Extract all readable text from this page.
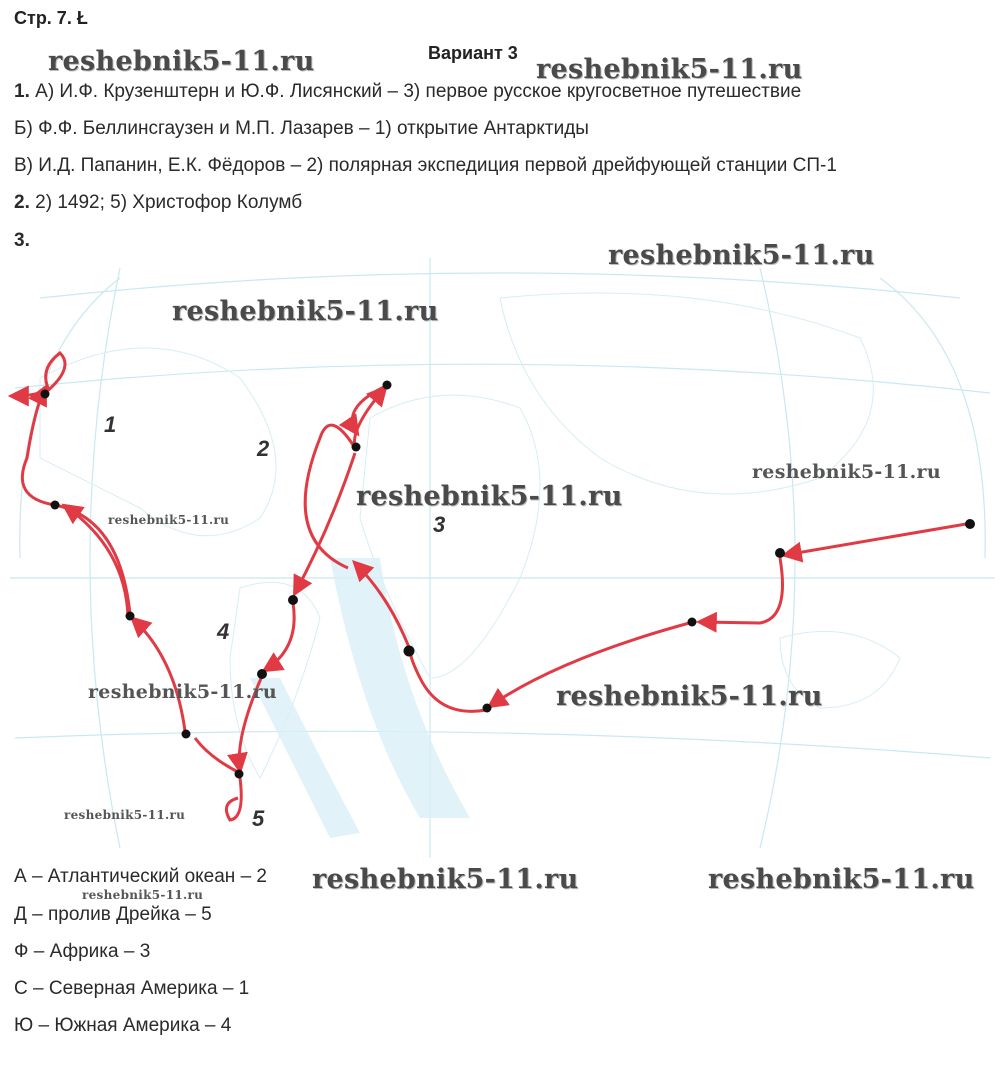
Стр. 7. Ł
Вариант 3
1. А) И.Ф. Крузенштерн и Ю.Ф. Лисянский – 3) первое русское кругосветное путешествие
Б) Ф.Ф. Беллинсгаузен и М.П. Лазарев – 1) открытие Антарктиды
В) И.Д. Папанин, Е.К. Фёдоров – 2) полярная экспедиция первой дрейфующей станции СП-1
2. 2) 1492; 5) Христофор Колумб
3.
1
2
3
4
5
А – Атлантический океан – 2
Д – пролив Дрейка – 5
Ф – Африка – 3
С – Северная Америка – 1
Ю – Южная Америка – 4
reshebnik5-11.ru	reshebnik5-11.ru
reshebnik5-11.ru
reshebnik5-11.ru
reshebnik5-11.ru
reshebnik5-11.ru
reshebnik5-11.ru
reshebnik5-11.ru	reshebnik5-11.ru
reshebnik5-11.ru
reshebnik5-11.ru	reshebnik5-11.ru
reshebnik5-11.ru
